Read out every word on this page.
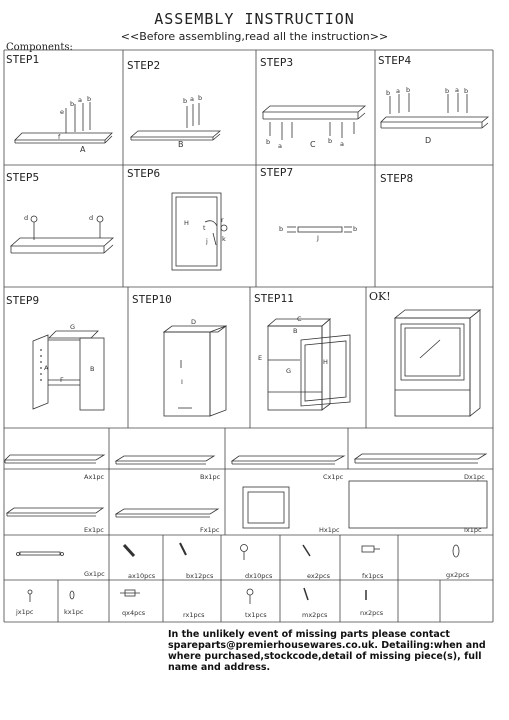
ASSEMBLY INSTRUCTION
<<Before assembling,read all the instruction>>
Components:
STEP1	STEP2	STEP3	STEP4
STEP5	STEP6	STEP7	STEP8
STEP9	STEP10	STEP11	OK!
e
b a b
f
A
b a b
B	b a	C b a
b a b	b a b
D
d	d
H
t
r
j k
b
J
b
G
A
F
B
D
I
C
B
E
G
H
Ax1pc	Bx1pc	Cx1pc	Dx1pc
Ex1pc	Fx1pc	Hx1pc	Ix1pc
Gx1pc	ax10pcs	bx12pcs	dx10pcs	ex2pcs	fx1pcs	gx2pcs
jx1pc	kx1pc	qx4pcs	rx1pcs	tx1pcs	mx2pcs	nx2pcs
In the unlikely event of missing parts please contact spareparts@premierhousewares.co.uk. Detailing:when and where purchased,stockcode,detail of missing piece(s), full name and address.
